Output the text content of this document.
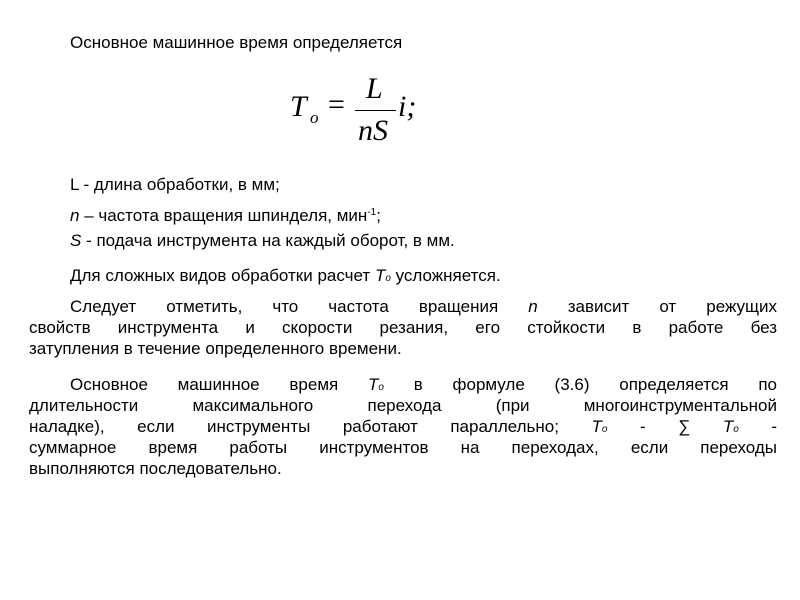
Основное машинное время определяется
T o = L
nS
i;
L - длина обработки, в мм;
n – частота вращения шпинделя, мин$^{-1}$;
S - подача инструмента на каждый оборот, в мм.
Для сложных видов обработки расчет To усложняется.
Следует отметить, что частота вращения n зависит от режущих
свойств инструмента и скорости резания, его стойкости в работе без
затупления в течение определенного времени.
Основное машинное время To в формуле (3.6) определяется по
длительности максимального перехода (при многоинструментальной
наладке), если инструменты работают параллельно; To - ∑ To -
суммарное время работы инструментов на переходах, если переходы
выполняются последовательно.
